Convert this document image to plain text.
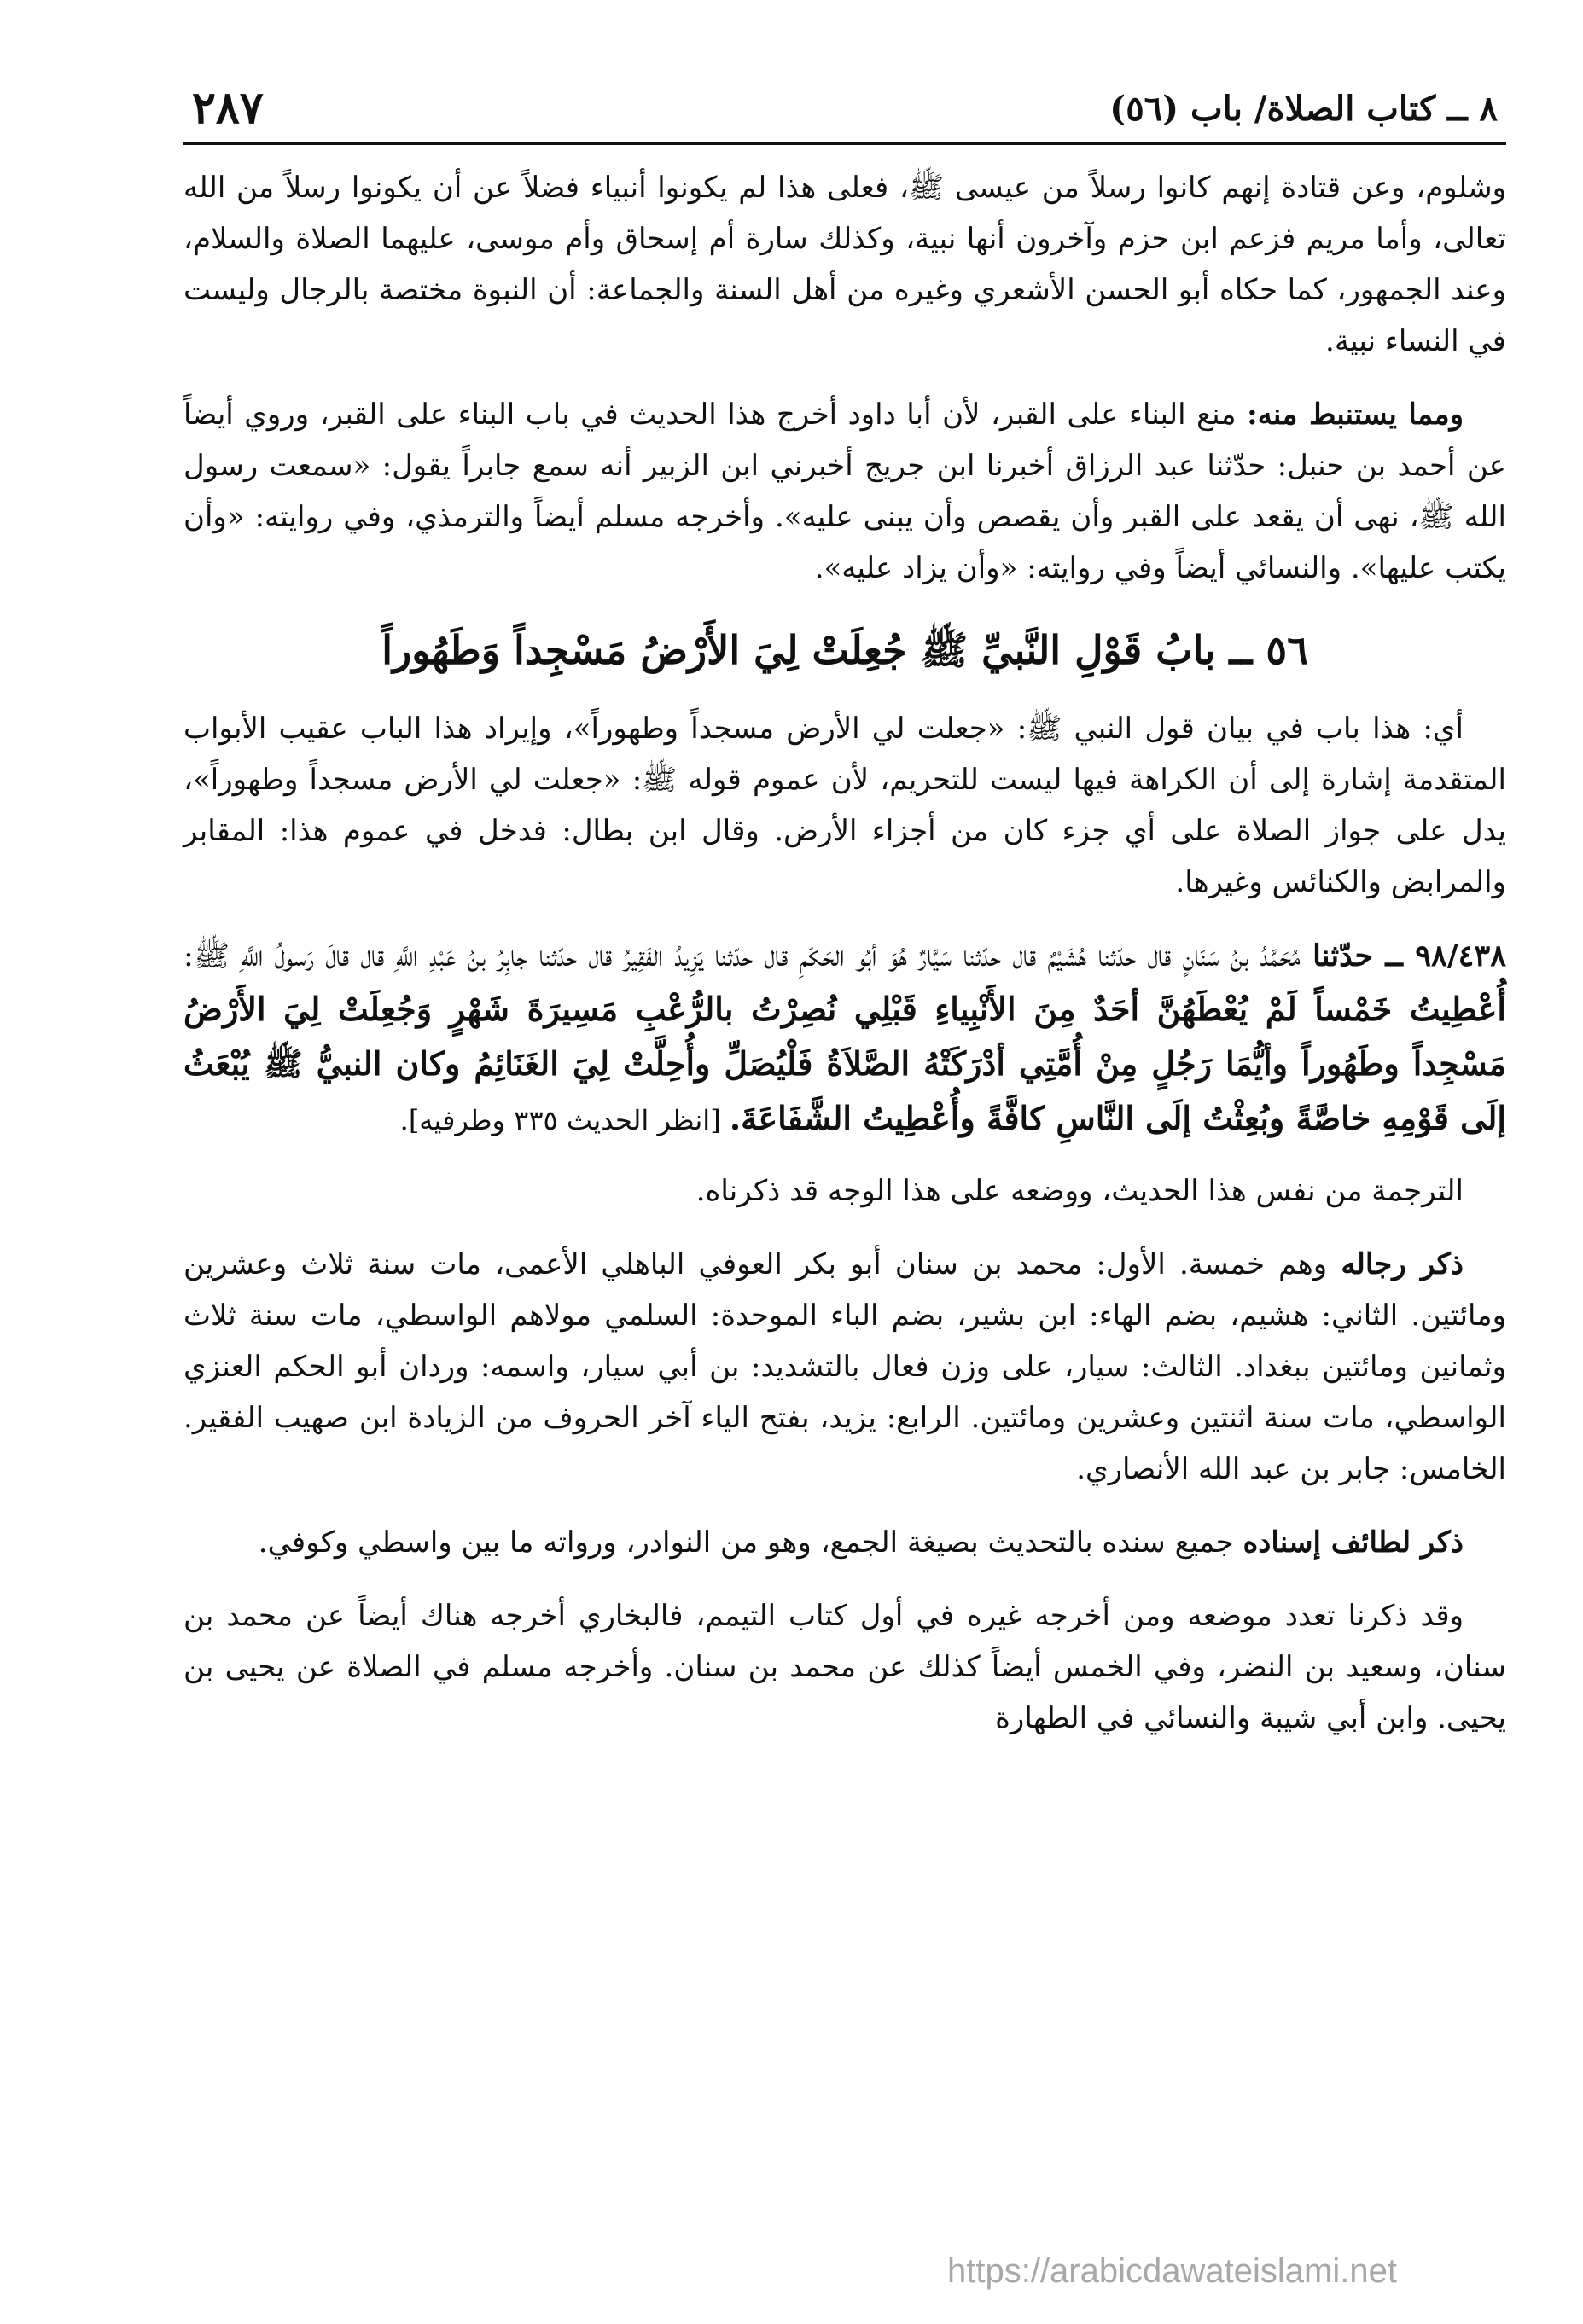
٨ ــ كتاب الصلاة/ باب (٥٦)
٢٨٧

وشلوم، وعن قتادة إنهم كانوا رسلاً من عيسى ﷺ، فعلى هذا لم يكونوا أنبياء فضلاً عن أن يكونوا رسلاً من الله تعالى، وأما مريم فزعم ابن حزم وآخرون أنها نبية، وكذلك سارة أم إسحاق وأم موسى، عليهما الصلاة والسلام، وعند الجمهور، كما حكاه أبو الحسن الأشعري وغيره من أهل السنة والجماعة: أن النبوة مختصة بالرجال وليست في النساء نبية.

ومما يستنبط منه: منع البناء على القبر، لأن أبا داود أخرج هذا الحديث في باب البناء على القبر، وروي أيضاً عن أحمد بن حنبل: حدّثنا عبد الرزاق أخبرنا ابن جريج أخبرني ابن الزبير أنه سمع جابراً يقول: «سمعت رسول الله ﷺ، نهى أن يقعد على القبر وأن يقصص وأن يبنى عليه». وأخرجه مسلم أيضاً والترمذي، وفي روايته: «وأن يكتب عليها». والنسائي أيضاً وفي روايته: «وأن يزاد عليه».

٥٦ ــ بابُ قَوْلِ النَّبيِّ ﷺ جُعِلَتْ لِيَ الأَرْضُ مَسْجِداً وَطَهُوراً

أي: هذا باب في بيان قول النبي ﷺ: «جعلت لي الأرض مسجداً وطهوراً»، وإيراد هذا الباب عقيب الأبواب المتقدمة إشارة إلى أن الكراهة فيها ليست للتحريم، لأن عموم قوله ﷺ: «جعلت لي الأرض مسجداً وطهوراً»، يدل على جواز الصلاة على أي جزء كان من أجزاء الأرض. وقال ابن بطال: فدخل في عموم هذا: المقابر والمرابض والكنائس وغيرها.

٩٨/٤٣٨ ــ حدّثنا مُحَمَّدُ بنُ سَنَانٍ قال حدّثنا هُشَيْمٌ قال حدّثنا سَيَّارٌ هُوَ أبُو الحَكَمِ قال حدّثنا يَزِيدُ الفَقِيرُ قال حدّثنا جابِرُ بنُ عَبْدِ اللَّهِ قال قالَ رَسولُ اللَّهِ ﷺ: أُعْطِيتُ خَمْساً لَمْ يُعْطَهُنَّ أحَدٌ مِنَ الأَنْبِياءِ قَبْلِي نُصِرْتُ بالرُّعْبِ مَسِيرَةَ شَهْرٍ وَجُعِلَتْ لِيَ الأَرْضُ مَسْجِداً وطَهُوراً وأيُّمَا رَجُلٍ مِنْ أُمَّتِي أدْرَكَتْهُ الصَّلاَةُ فَلْيُصَلِّ وأُحِلَّتْ لِيَ الغَنَائِمُ وكان النبيُّ ﷺ يُبْعَثُ إلَى قَوْمِهِ خاصَّةً وبُعِثْتُ إلَى النَّاسِ كافَّةً وأُعْطِيتُ الشَّفَاعَةَ. [انظر الحديث ٣٣٥ وطرفيه].

الترجمة من نفس هذا الحديث، ووضعه على هذا الوجه قد ذكرناه.

ذكر رجاله وهم خمسة. الأول: محمد بن سنان أبو بكر العوفي الباهلي الأعمى، مات سنة ثلاث وعشرين ومائتين. الثاني: هشيم، بضم الهاء: ابن بشير، بضم الباء الموحدة: السلمي مولاهم الواسطي، مات سنة ثلاث وثمانين ومائتين ببغداد. الثالث: سيار، على وزن فعال بالتشديد: بن أبي سيار، واسمه: وردان أبو الحكم العنزي الواسطي، مات سنة اثنتين وعشرين ومائتين. الرابع: يزيد، بفتح الياء آخر الحروف من الزيادة ابن صهيب الفقير. الخامس: جابر بن عبد الله الأنصاري.

ذكر لطائف إسناده جميع سنده بالتحديث بصيغة الجمع، وهو من النوادر، ورواته ما بين واسطي وكوفي.

وقد ذكرنا تعدد موضعه ومن أخرجه غيره في أول كتاب التيمم، فالبخاري أخرجه هناك أيضاً عن محمد بن سنان، وسعيد بن النضر، وفي الخمس أيضاً كذلك عن محمد بن سنان. وأخرجه مسلم في الصلاة عن يحيى بن يحيى. وابن أبي شيبة والنسائي في الطهارة

https://arabicdawateislami.net
